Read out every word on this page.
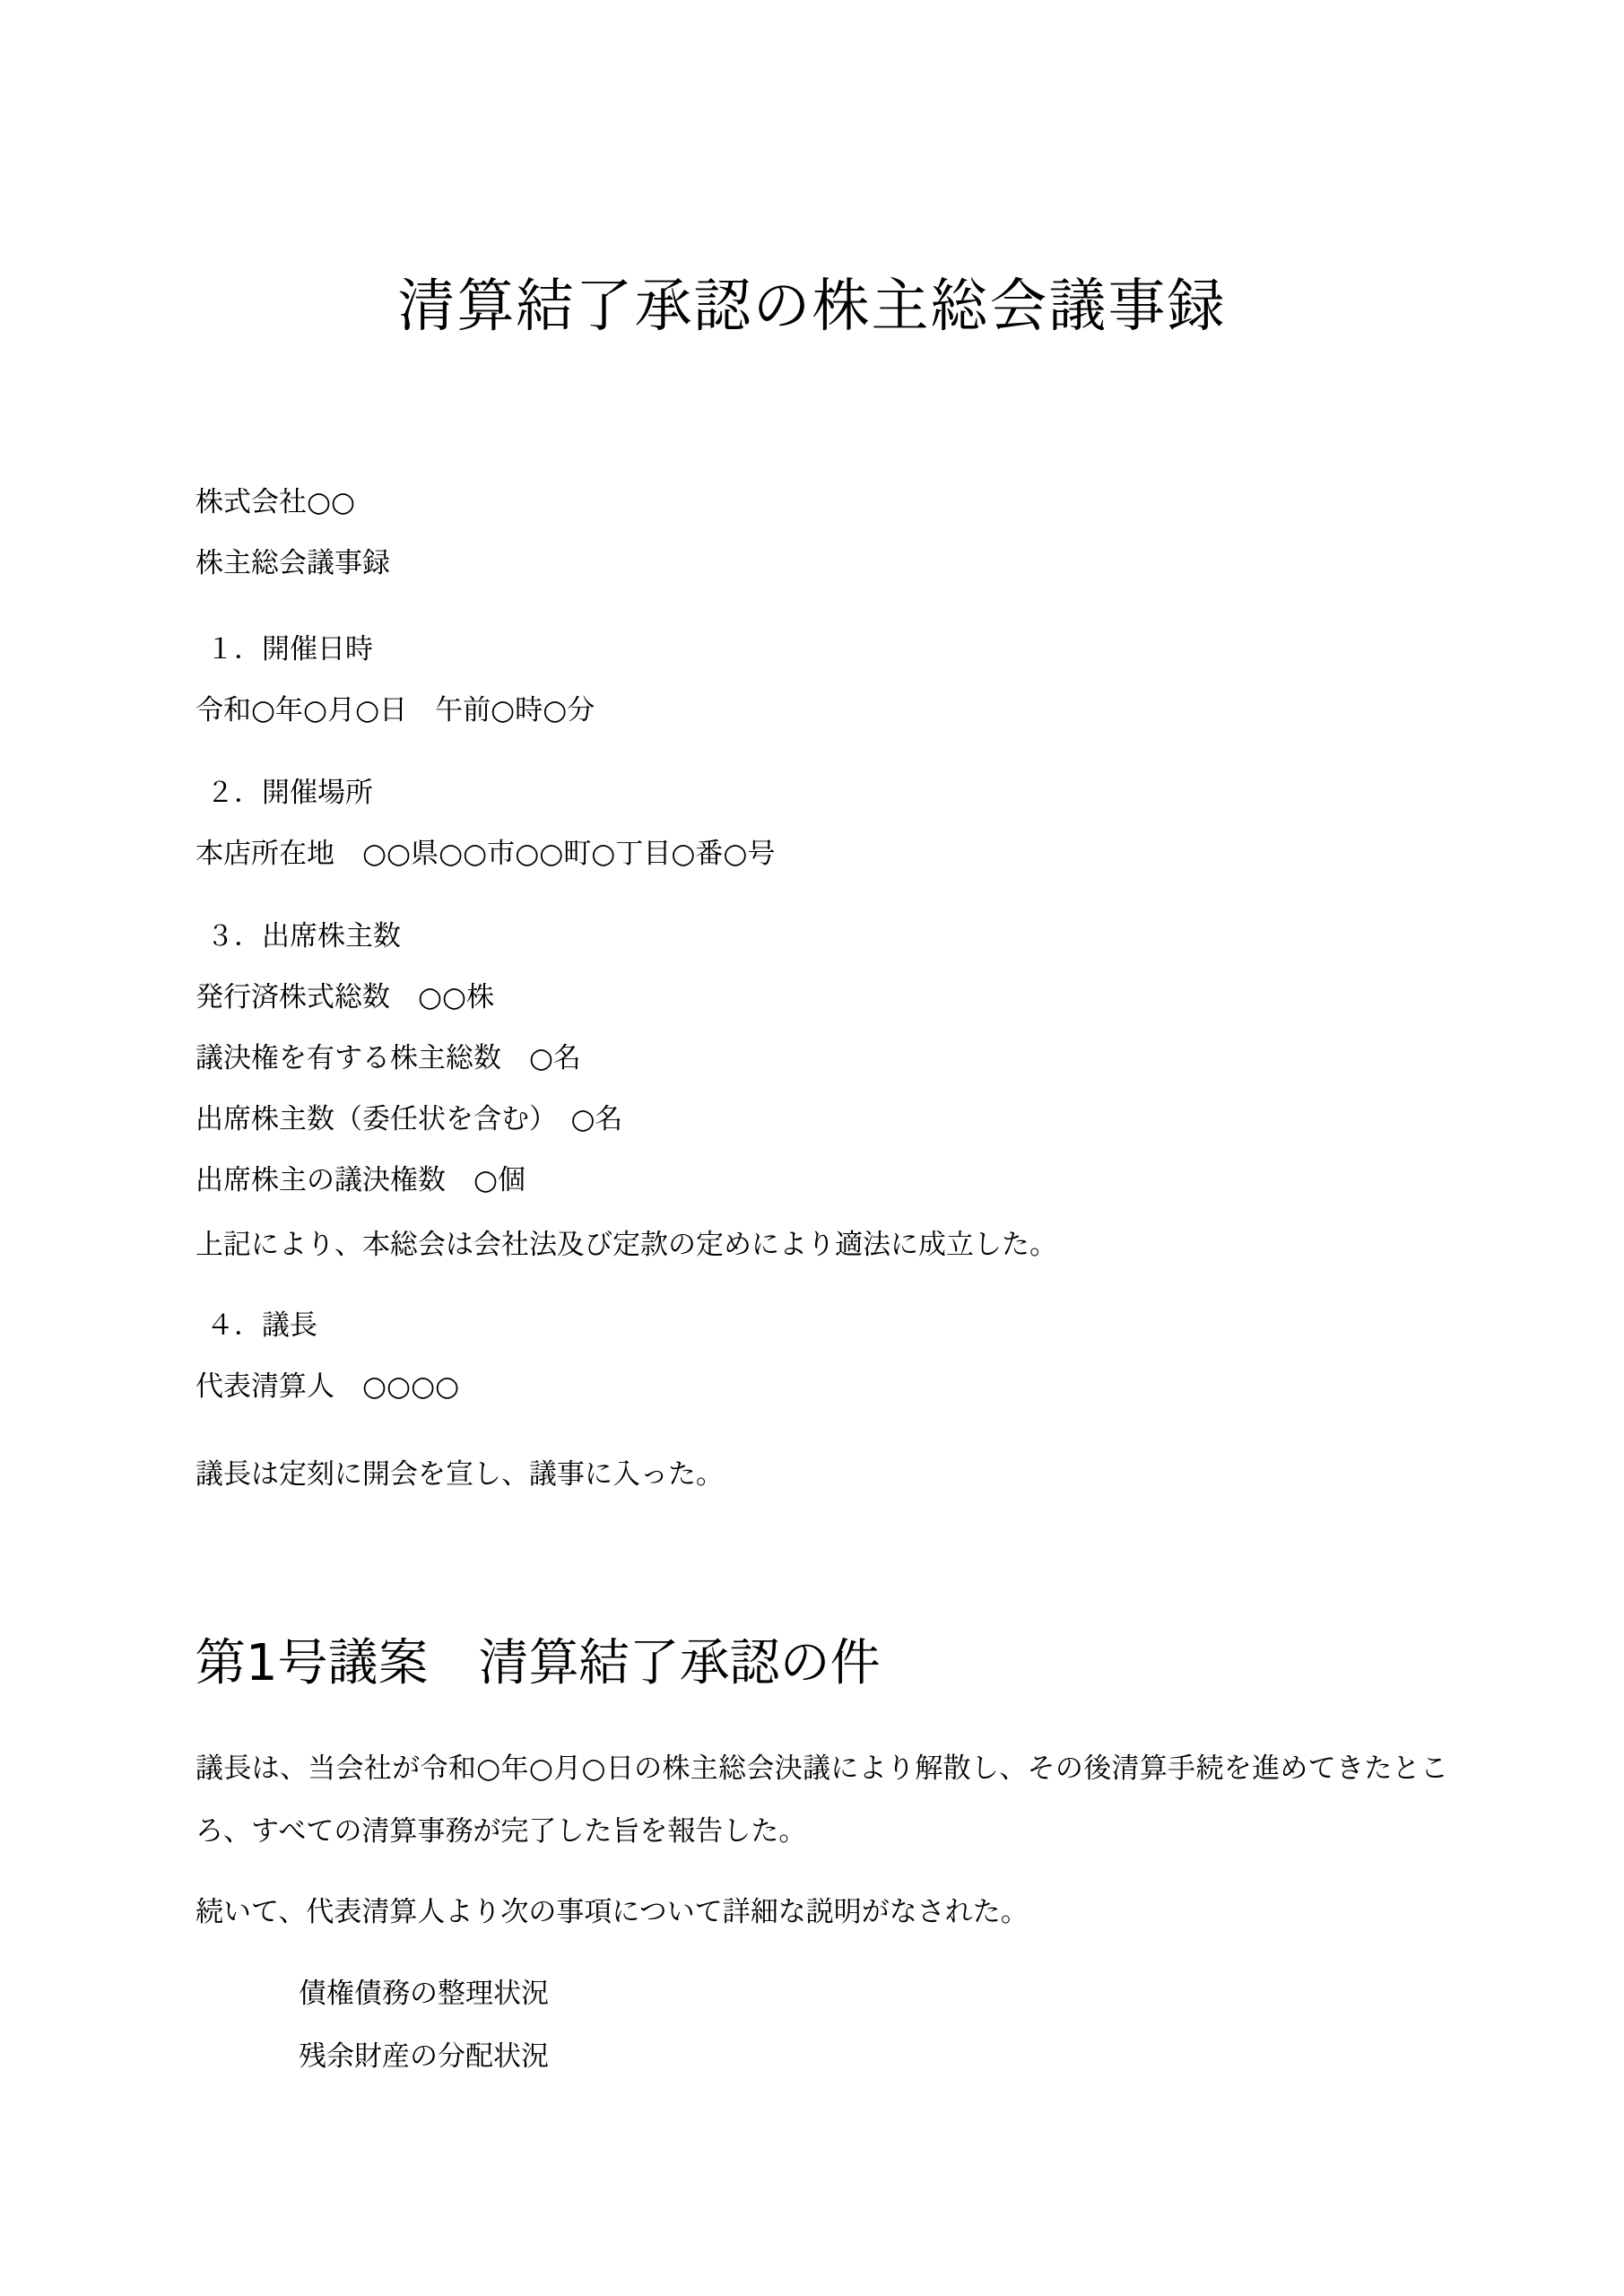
清算結了承認の株主総会議事録
株式会社○○
株主総会議事録
１．開催日時
令和○年○月○日　午前○時○分
２．開催場所
本店所在地　○○県○○市○○町○丁目○番○号
３．出席株主数
発行済株式総数　○○株
議決権を有する株主総数　○名
出席株主数（委任状を含む）　○名
出席株主の議決権数　○個
上記により、本総会は会社法及び定款の定めにより適法に成立した。
４．議長
代表清算人　○○○○
議長は定刻に開会を宣し、議事に入った。
第1号議案　清算結了承認の件

議長は、当会社が令和○年○月○日の株主総会決議により解散し、その後清算手続を進めてきたところ、すべての清算事務が完了した旨を報告した。

続いて、代表清算人より次の事項について詳細な説明がなされた。
債権債務の整理状況
残余財産の分配状況
